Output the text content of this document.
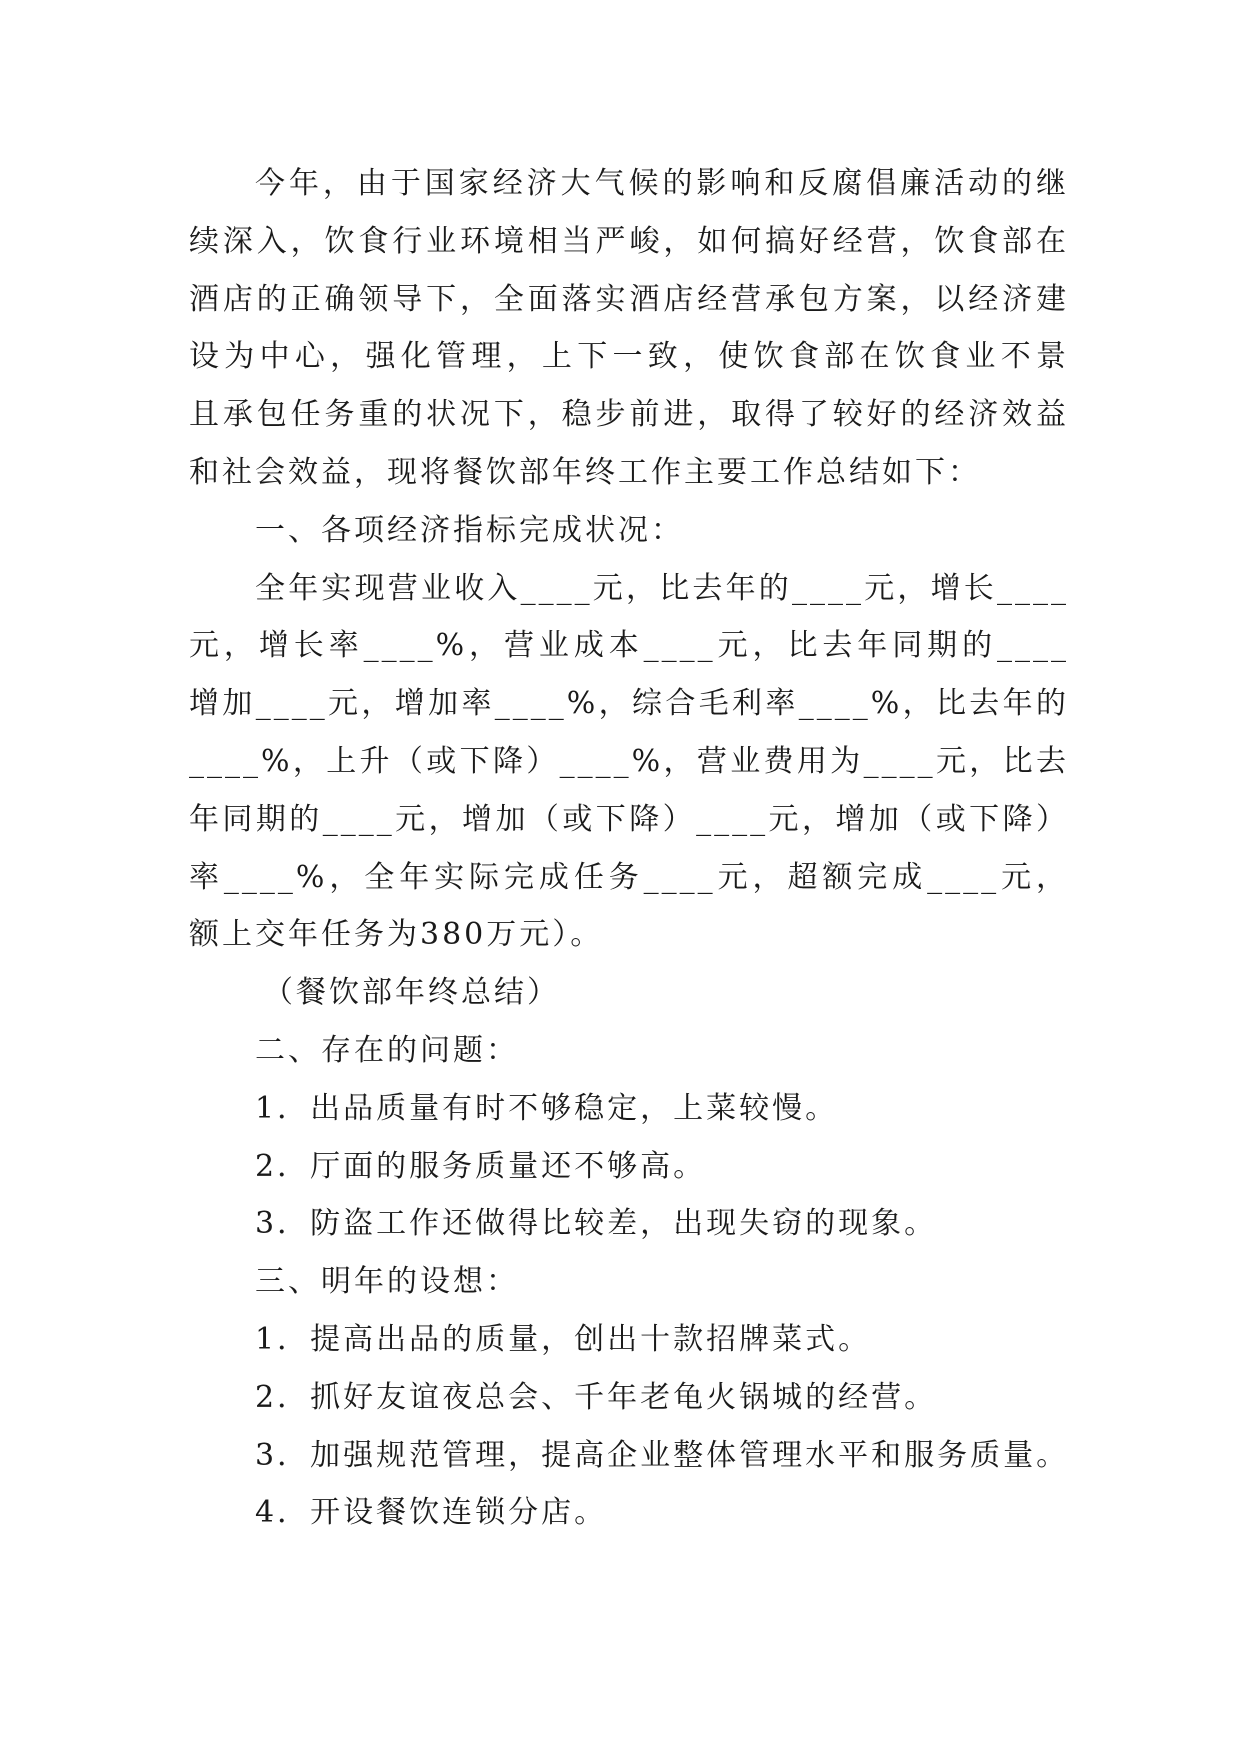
今年，由于国家经济大气候的影响和反腐倡廉活动的继
续深入，饮食行业环境相当严峻，如何搞好经营，饮食部在
酒店的正确领导下，全面落实酒店经营承包方案，以经济建
设为中心，强化管理，上下一致，使饮食部在饮食业不景
且承包任务重的状况下，稳步前进，取得了较好的经济效益
和社会效益，现将餐饮部年终工作主要工作总结如下：
一、各项经济指标完成状况：
全年实现营业收入____元，比去年的____元，增长____
元，增长率____%，营业成本____元，比去年同期的____
增加____元，增加率____%，综合毛利率____%，比去年的
____%，上升（或下降）____%，营业费用为____元，比去
年同期的____元，增加（或下降）____元，增加（或下降）
率____%，全年实际完成任务____元，超额完成____元，
额上交年任务为380万元）。
（餐饮部年终总结）
二、存在的问题：
1．出品质量有时不够稳定，上菜较慢。
2．厅面的服务质量还不够高。
3．防盗工作还做得比较差，出现失窃的现象。
三、明年的设想：
1．提高出品的质量，创出十款招牌菜式。
2．抓好友谊夜总会、千年老龟火锅城的经营。
3．加强规范管理，提高企业整体管理水平和服务质量。
4．开设餐饮连锁分店。
